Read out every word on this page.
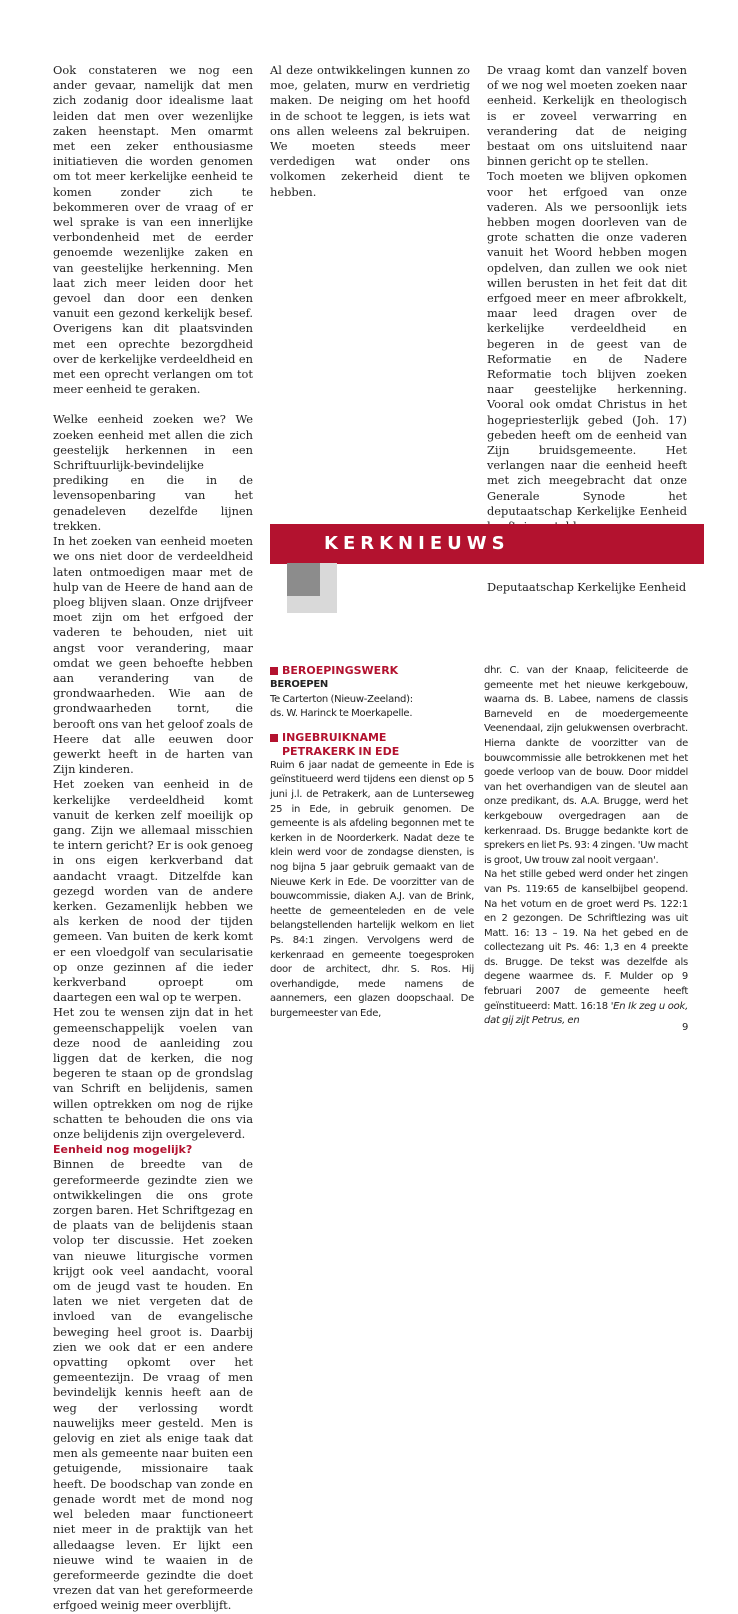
Ook constateren we nog een ander gevaar, namelijk dat men zich zodanig door idealisme laat leiden dat men over wezenlijke zaken heenstapt. Men omarmt met een zeker enthousiasme initiatieven die worden genomen om tot meer kerkelijke eenheid te komen zonder zich te bekommeren over de vraag of er wel sprake is van een innerlijke verbondenheid met de eerder genoemde wezenlijke zaken en van geestelijke herkenning. Men laat zich meer leiden door het gevoel dan door een denken vanuit een gezond kerkelijk besef. Overigens kan dit plaatsvinden met een oprechte bezorgdheid over de kerkelijke verdeeldheid en met een oprecht verlangen om tot meer eenheid te geraken.

Welke eenheid zoeken we? We zoeken eenheid met allen die zich geestelijk herkennen in een Schriftuurlijk-bevindelijke prediking en die in de levensopenbaring van het genadeleven dezelfde lijnen trekken.

In het zoeken van eenheid moeten we ons niet door de verdeeldheid laten ontmoedigen maar met de hulp van de Heere de hand aan de ploeg blijven slaan. Onze drijfveer moet zijn om het erfgoed der vaderen te behouden, niet uit angst voor verandering, maar omdat we geen behoefte hebben aan verandering van de grondwaarheden. Wie aan de grondwaarheden tornt, die berooft ons van het geloof zoals de Heere dat alle eeuwen door gewerkt heeft in de harten van Zijn kinderen.

Het zoeken van eenheid in de kerkelijke verdeeldheid komt vanuit de kerken zelf moeilijk op gang. Zijn we allemaal misschien te intern gericht? Er is ook genoeg in ons eigen kerkverband dat aandacht vraagt. Ditzelfde kan gezegd worden van de andere kerken. Gezamenlijk hebben we als kerken de nood der tijden gemeen. Van buiten de kerk komt er een vloedgolf van secularisatie op onze gezinnen af die ieder kerkverband oproept om daartegen een wal op te werpen.

Het zou te wensen zijn dat in het gemeenschappelijk voelen van deze nood de aanleiding zou liggen dat de kerken, die nog begeren te staan op de grondslag van Schrift en belijdenis, samen willen optrekken om nog de rijke schatten te behouden die ons via onze belijdenis zijn overgeleverd.

Eenheid nog mogelijk?

Binnen de breedte van de gereformeerde gezindte zien we ontwikkelingen die ons grote zorgen baren. Het Schriftgezag en de plaats van de belijdenis staan volop ter discussie. Het zoeken van nieuwe liturgische vormen krijgt ook veel aandacht, vooral om de jeugd vast te houden. En laten we niet vergeten dat de invloed van de evangelische beweging heel groot is. Daarbij zien we ook dat er een andere opvatting opkomt over het gemeentezijn. De vraag of men bevindelijk kennis heeft aan de weg der verlossing wordt nauwelijks meer gesteld. Men is gelovig en ziet als enige taak dat men als gemeente naar buiten een getuigende, missionaire taak heeft. De boodschap van zonde en genade wordt met de mond nog wel beleden maar functioneert niet meer in de praktijk van het alledaagse leven. Er lijkt een nieuwe wind te waaien in de gereformeerde gezindte die doet vrezen dat van het gereformeerde erfgoed weinig meer overblijft.

Al deze ontwikkelingen kunnen zo moe, gelaten, murw en verdrietig maken. De neiging om het hoofd in de schoot te leggen, is iets wat ons allen weleens zal bekruipen. We moeten steeds meer verdedigen wat onder ons volkomen zekerheid dient te hebben.

De vraag komt dan vanzelf boven of we nog wel moeten zoeken naar eenheid. Kerkelijk en theologisch is er zoveel verwarring en verandering dat de neiging bestaat om ons uitsluitend naar binnen gericht op te stellen.

Toch moeten we blijven opkomen voor het erfgoed van onze vaderen. Als we persoonlijk iets hebben mogen doorleven van de grote schatten die onze vaderen vanuit het Woord hebben mogen opdelven, dan zullen we ook niet willen berusten in het feit dat dit erfgoed meer en meer afbrokkelt, maar leed dragen over de kerkelijke verdeeldheid en begeren in de geest van de Reformatie en de Nadere Reformatie toch blijven zoeken naar geestelijke herkenning. Vooral ook omdat Christus in het hogepriesterlijk gebed (Joh. 17) gebeden heeft om de eenheid van Zijn bruidsgemeente. Het verlangen naar die eenheid heeft met zich meegebracht dat onze Generale Synode het deputaatschap Kerkelijke Eenheid

Deputaatschap Kerkelijke Eenheid

KERKNIEUWS
BEROEPINGSWERK

BEROEPEN

Te Carterton (Nieuw-Zeeland):

ds. W. Harinck te Moerkapelle.

INGEBRUIKNAME
PETRAKERK IN EDE

Ruim 6 jaar nadat de gemeente in Ede is geïnstitueerd werd tijdens een dienst op 5 juni j.l. de Petrakerk, aan de Lunterseweg 25 in Ede, in gebruik genomen. De gemeente is als afdeling begonnen met te kerken in de Noorderkerk. Nadat deze te klein werd voor de zondagse diensten, is nog bijna 5 jaar gebruik gemaakt van de Nieuwe Kerk in Ede. De voorzitter van de bouwcommissie, diaken A.J. van de Brink, heette de gemeenteleden en de vele belangstellenden hartelijk welkom en liet Ps. 84:1 zingen. Vervolgens werd de kerkenraad en gemeente toegesproken door de architect, dhr. S. Ros. Hij overhandigde, mede namens de aannemers, een glazen doopschaal. De burgemeester van Ede,

dhr. C. van der Knaap, feliciteerde de gemeente met het nieuwe kerkgebouw, waarna ds. B. Labee, namens de classis Barneveld en de moedergemeente Veenendaal, zijn gelukwensen overbracht. Hierna dankte de voorzitter van de bouwcommissie alle betrokkenen met het goede verloop van de bouw. Door middel van het overhandigen van de sleutel aan onze predikant, ds. A.A. Brugge, werd het kerkgebouw overgedragen aan de kerkenraad. Ds. Brugge bedankte kort de sprekers en liet Ps. 93: 4 zingen. 'Uw macht is groot, Uw trouw zal nooit vergaan'.

Na het stille gebed werd onder het zingen van Ps. 119:65 de kanselbijbel geopend. Na het votum en de groet werd Ps. 122:1 en 2 gezongen. De Schriftlezing was uit Matt. 16: 13 – 19. Na het gebed en de collectezang uit Ps. 46: 1,3 en 4 preekte ds. Brugge. De tekst was dezelfde als degene waarmee ds. F. Mulder op 9 februari 2007 de gemeente heeft geïnstitueerd: Matt. 16:18 'En Ik zeg u ook, dat gij zijt Petrus, en

9
